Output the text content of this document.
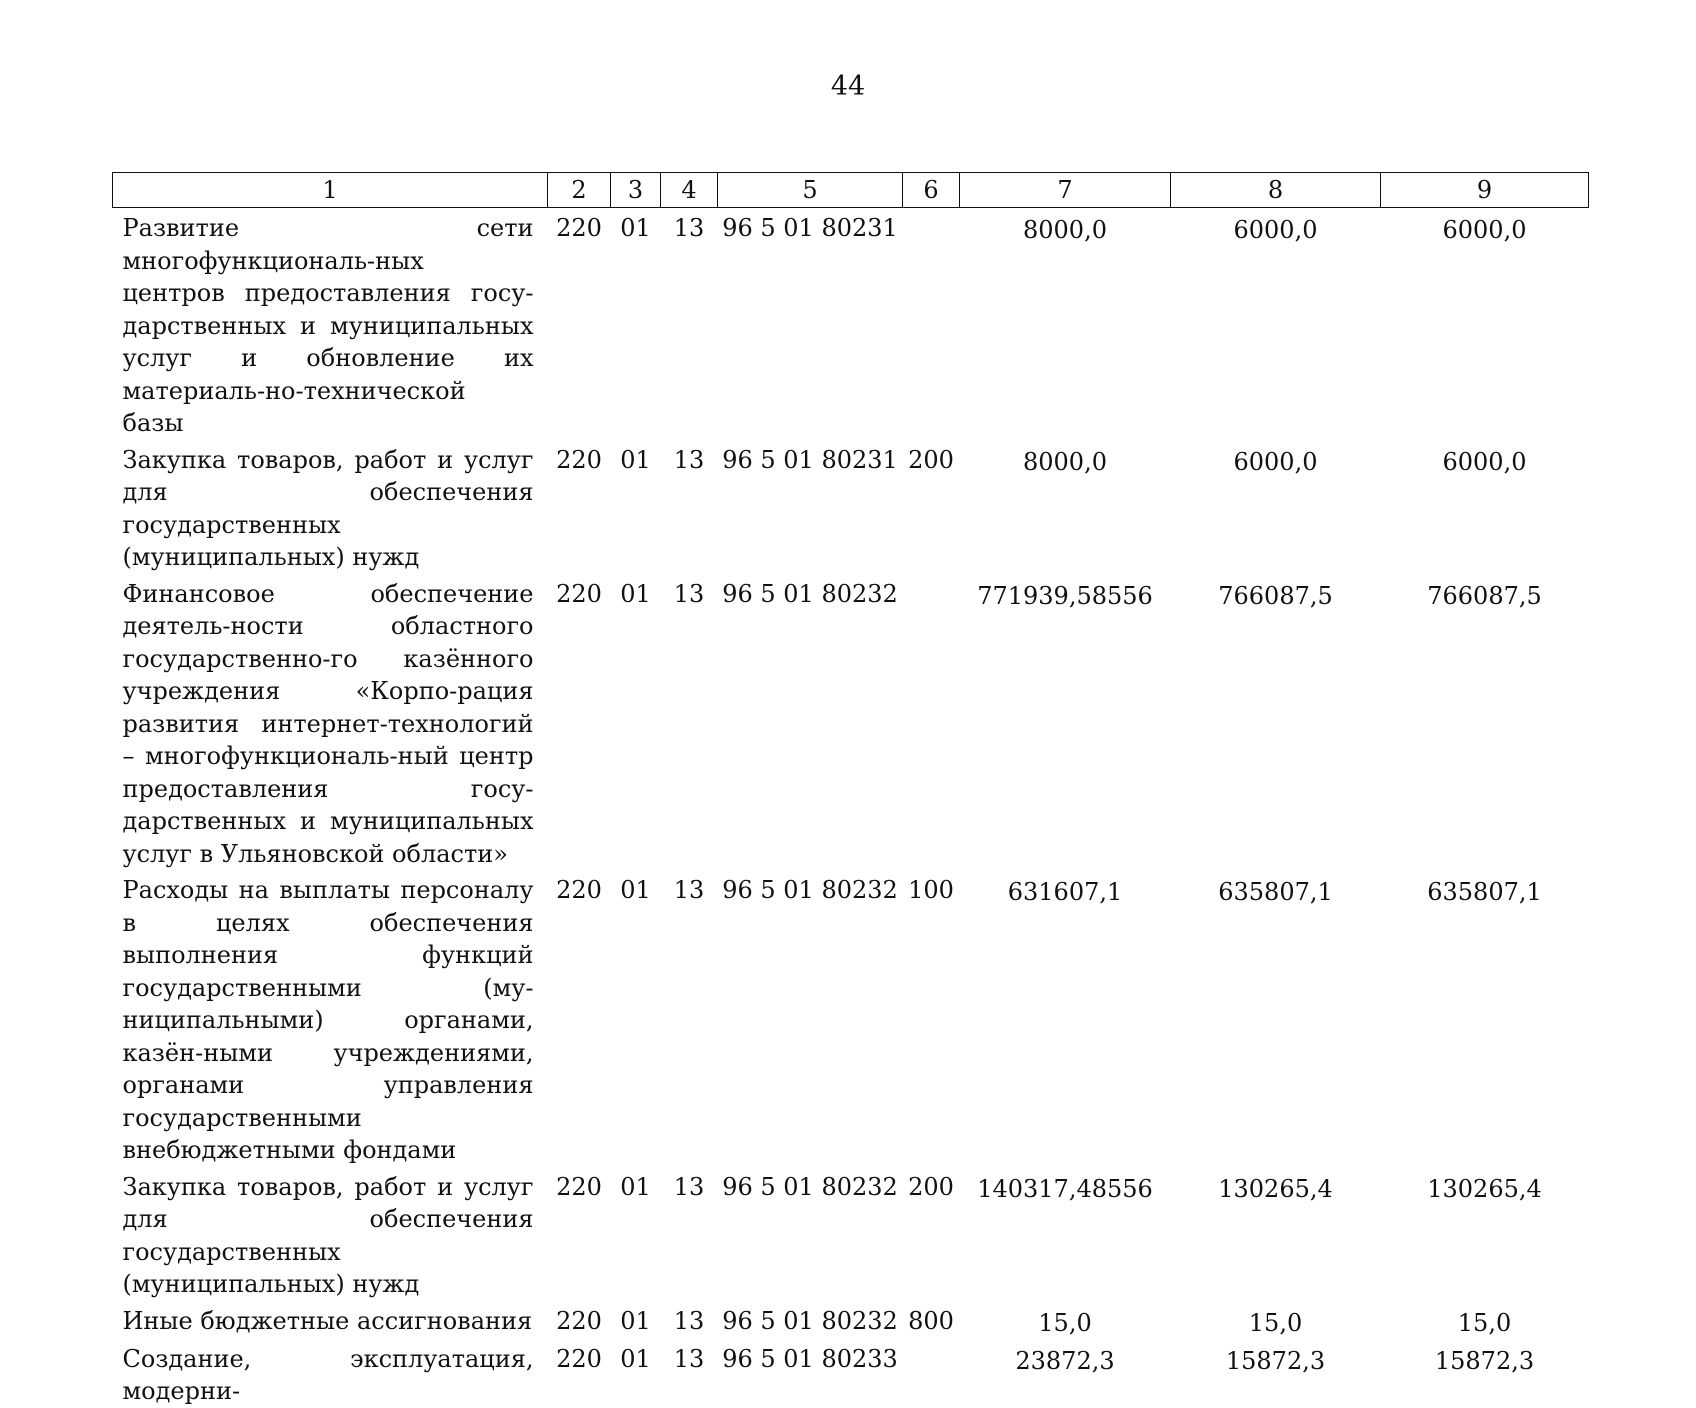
44
1	2	3	4	5	6	7	8	9
Развитие сети многофункциональ-ных центров предоставления госу-дарственных и муниципальных услуг и обновление их материаль-но-технической базы	220	01	13	96 5 01 80231		8000,0	6000,0	6000,0
Закупка товаров, работ и услуг для обеспечения государственных (муниципальных) нужд	220	01	13	96 5 01 80231	200	8000,0	6000,0	6000,0
Финансовое обеспечение деятель-ности областного государственно-го казённого учреждения «Корпо-рация развития интернет-технологий – многофункциональ-ный центр предоставления госу-дарственных и муниципальных услуг в Ульяновской области»	220	01	13	96 5 01 80232		771939,58556	766087,5	766087,5
Расходы на выплаты персоналу в целях обеспечения выполнения функций государственными (му-ниципальными) органами, казён-ными учреждениями, органами управления государственными внебюджетными фондами	220	01	13	96 5 01 80232	100	631607,1	635807,1	635807,1
Закупка товаров, работ и услуг для обеспечения государственных (муниципальных) нужд	220	01	13	96 5 01 80232	200	140317,48556	130265,4	130265,4
Иные бюджетные ассигнования	220	01	13	96 5 01 80232	800	15,0	15,0	15,0
Создание, эксплуатация, модерни-	220	01	13	96 5 01 80233		23872,3	15872,3	15872,3
